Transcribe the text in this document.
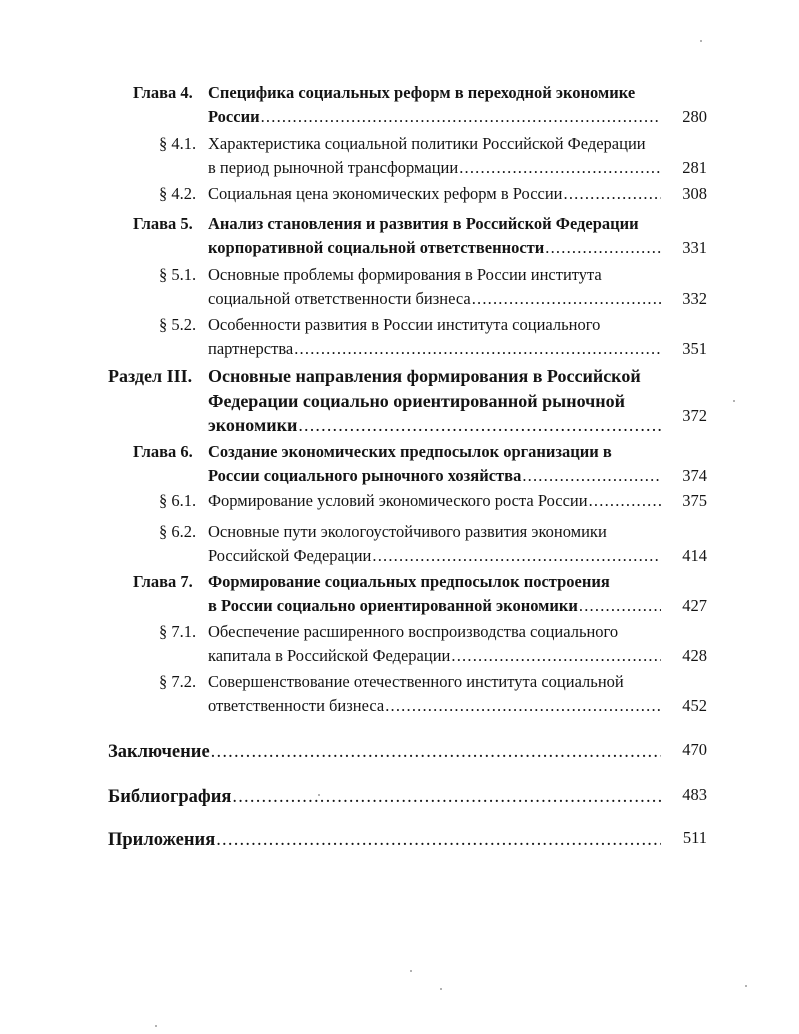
Глава 4. Специфика социальных реформ в переходной экономике
России .....	280
§ 4.1. Характеристика социальной политики Российской Федерации
в период рыночной трансформации .....	281
§ 4.2. Социальная цена экономических реформ в России .....	308
Глава 5. Анализ становления и развития в Российской Федерации
корпоративной социальной ответственности .....	331
§ 5.1. Основные проблемы формирования в России института
социальной ответственности бизнеса .....	332
§ 5.2. Особенности развития в России института социального
партнерства .....	351
Раздел III. Основные направления формирования в Российской
Федерации социально ориентированной рыночной
экономики .....	372
Глава 6. Создание экономических предпосылок организации в
России социального рыночного хозяйства .....	374
§ 6.1. Формирование условий экономического роста России .....	375
§ 6.2. Основные пути экологоустойчивого развития экономики
Российской Федерации .....	414
Глава 7. Формирование социальных предпосылок построения
в России социально ориентированной экономики .....	427
§ 7.1. Обеспечение расширенного воспроизводства социального
капитала в Российской Федерации .....	428
§ 7.2. Совершенствование отечественного института социальной
ответственности бизнеса .....	452
Заключение .....	470
Библиография .....	483
Приложения .....	511
